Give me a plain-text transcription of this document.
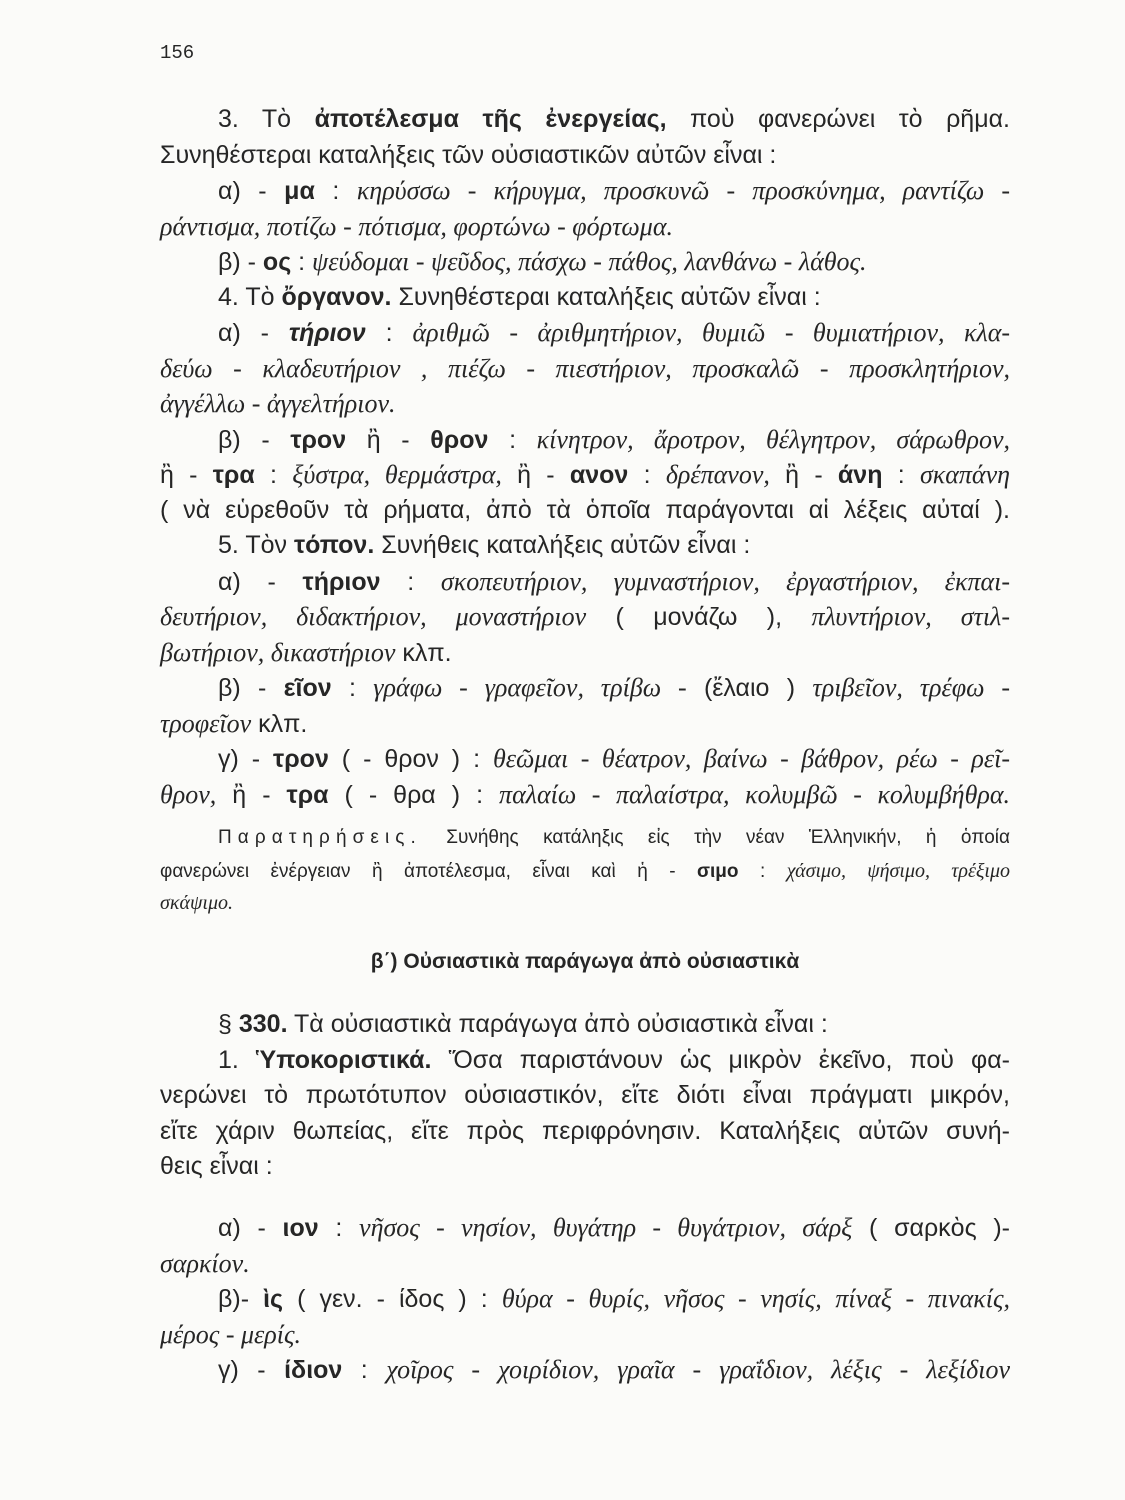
156
3. Τὸ ἀποτέλεσμα τῆς ἐνεργείας, ποὺ φανερώνει τὸ ρῆμα.
Συνηθέστεραι καταλήξεις τῶν οὐσιαστικῶν αὐτῶν εἶναι :
α) - μα : κηρύσσω - κήρυγμα, προσκυνῶ - προσκύνημα, ραντίζω -
ράντισμα, ποτίζω - πότισμα, φορτώνω - φόρτωμα.
β) - ος : ψεύδομαι - ψεῦδος, πάσχω - πάθος, λανθάνω - λάθος.
4. Τὸ ὄργανον. Συνηθέστεραι καταλήξεις αὐτῶν εἶναι :
α) - τήριον : ἀριθμῶ - ἀριθμητήριον, θυμιῶ - θυμιατήριον, κλα-
δεύω - κλαδευτήριον , πιέζω - πιεστήριον, προσκαλῶ - προσκλητήριον,
ἀγγέλλω - ἀγγελτήριον.
β) - τρον ἢ - θρον : κίνητρον, ἄροτρον, θέλγητρον, σάρωθρον,
ἢ - τρα : ξύστρα, θερμάστρα, ἢ - ανον : δρέπανον, ἢ - άνη : σκαπάνη
( νὰ εὑρεθοῦν τὰ ρήματα, ἀπὸ τὰ ὁποῖα παράγονται αἱ λέξεις αὐταί ).
5. Τὸν τόπον. Συνήθεις καταλήξεις αὐτῶν εἶναι :
α) - τήριον : σκοπευτήριον, γυμναστήριον, ἐργαστήριον, ἐκπαι-
δευτήριον, διδακτήριον, μοναστήριον ( μονάζω ), πλυντήριον, στιλ-
βωτήριον, δικαστήριον κλπ.
β) - εῖον : γράφω - γραφεῖον, τρίβω - (ἔλαιο ) τριβεῖον, τρέφω -
τροφεῖον κλπ.
γ) - τρον ( - θρον ) : θεῶμαι - θέατρον, βαίνω - βάθρον, ρέω - ρεῖ-
θρον, ἢ - τρα ( - θρα ) : παλαίω - παλαίστρα, κολυμβῶ - κολυμβήθρα.
Παρατηρήσεις. Συνήθης κατάληξις εἰς τὴν νέαν Ἑλληνικήν, ἡ ὁποία
φανερώνει ἐνέργειαν ἢ ἀποτέλεσμα, εἶναι καὶ ἡ - σιμο : χάσιμο, ψήσιμο, τρέξιμο
σκάψιμο.
β΄) Οὐσιαστικὰ παράγωγα ἀπὸ οὐσιαστικὰ
§ 330. Τὰ οὐσιαστικὰ παράγωγα ἀπὸ οὐσιαστικὰ εἶναι :
1. Ὑποκοριστικά. Ὅσα παριστάνουν ὡς μικρὸν ἐκεῖνο, ποὺ φα-
νερώνει τὸ πρωτότυπον οὐσιαστικόν, εἴτε διότι εἶναι πράγματι μικρόν,
εἴτε χάριν θωπείας, εἴτε πρὸς περιφρόνησιν. Καταλήξεις αὐτῶν συνή-
θεις εἶναι :
α) - ιον : νῆσος - νησίον, θυγάτηρ - θυγάτριον, σάρξ ( σαρκὸς )-
σαρκίον.
β)- ὶς ( γεν. - ίδος ) : θύρα - θυρίς, νῆσος - νησίς, πίναξ - πινακίς,
μέρος - μερίς.
γ) - ίδιον : χοῖρος - χοιρίδιον, γραῖα - γραΐδιον, λέξις - λεξίδιον
